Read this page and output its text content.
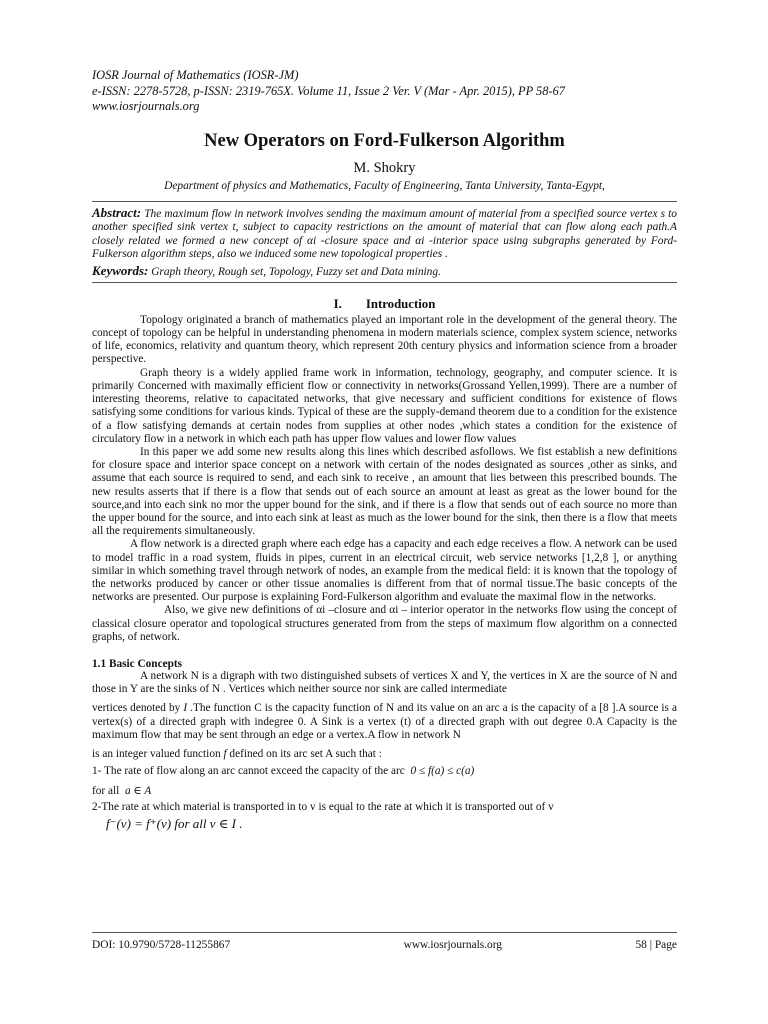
IOSR Journal of Mathematics (IOSR-JM)
e-ISSN: 2278-5728, p-ISSN: 2319-765X. Volume 11, Issue 2 Ver. V (Mar - Apr. 2015), PP 58-67
www.iosrjournals.org
New Operators on Ford-Fulkerson Algorithm
M. Shokry
Department of physics and Mathematics, Faculty of Engineering, Tanta University, Tanta-Egypt,
Abstract: The maximum flow in network involves sending the maximum amount of material from a specified source vertex s to another specified sink vertex t, subject to capacity restrictions on the amount of material that can flow along each path.A closely related we formed a new concept of αi -closure space and αi -interior space using subgraphs generated by Ford- Fulkerson algorithm steps, also we induced some new topological properties .
Keywords: Graph theory, Rough set, Topology, Fuzzy set and Data mining.
I. Introduction

Topology originated a branch of mathematics played an important role in the development of the general theory. The concept of topology can be helpful in understanding phenomena in modern materials science, complex system science, networks of life, economics, relativity and quantum theory, which represent 20th century physics and information science from a broader perspective.

Graph theory is a widely applied frame work in information, technology, geography, and computer science. It is primarily Concerned with maximally efficient flow or connectivity in networks(Grossand Yellen,1999). There are a number of interesting theorems, relative to capacitated networks, that give necessary and sufficient conditions for existence of flows satisfying some conditions for various kinds. Typical of these are the supply-demand theorem due to a condition for the existence of a flow satisfying demands at certain nodes from supplies at other nodes ,which states a condition for the existence of circulatory flow in a network in which each path has upper flow values and lower flow values

In this paper we add some new results along this lines which described asfollows. We fist establish a new definitions for closure space and interior space concept on a network with certain of the nodes designated as sources ,other as sinks, and assume that each source is required to send, and each sink to receive , an amount that lies between this prescribed bounds. The new results asserts that if there is a flow that sends out of each source an amount at least as great as the lower bound for the source,and into each sink no mor the upper bound for the sink, and if there is a flow that sends out of each source no more than the upper bound for the source, and into each sink at least as much as the lower bound for the sink, then there is a flow that meets all the requirements simultaneously.

A flow network is a directed graph where each edge has a capacity and each edge receives a flow. A network can be used to model traffic in a road system, fluids in pipes, current in an electrical circuit, web service networks [1,2,8 ], or anything similar in which something travel through network of nodes, an example from the medical field: it is known that the topology of the networks produced by cancer or other tissue anomalies is different from that of normal tissue.The basic concepts of the networks are presented. Our purpose is explaining Ford-Fulkerson algorithm and evaluate the maximal flow in the networks.

Also, we give new definitions of αi –closure and αi – interior operator in the networks flow using the concept of classical closure operator and topological structures generated from from the steps of maximum flow algorithm on a connected graphs, of network.

1.1 Basic Concepts

A network N is a digraph with two distinguished subsets of vertices X and Y, the vertices in X are the source of N and those in Y are the sinks of N . Vertices which neither source nor sink are called intermediate

vertices denoted by I .The function C is the capacity function of N and its value on an arc a is the capacity of a [8 ].A source is a vertex(s) of a directed graph with indegree 0. A Sink is a vertex (t) of a directed graph with out degree 0.A Capacity is the maximum flow that may be sent through an edge or a vertex.A flow in network N

is an integer valued function f defined on its arc set A such that :

1- The rate of flow along an arc cannot exceed the capacity of the arc 0 ≤ f(a) ≤ c(a)
for all a ∈ A
2-The rate at which material is transported in to v is equal to the rate at which it is transported out of v
f⁻(v) = f⁺(v) for all v ∈ I .
DOI: 10.9790/5728-11255867	www.iosrjournals.org	58 | Page
